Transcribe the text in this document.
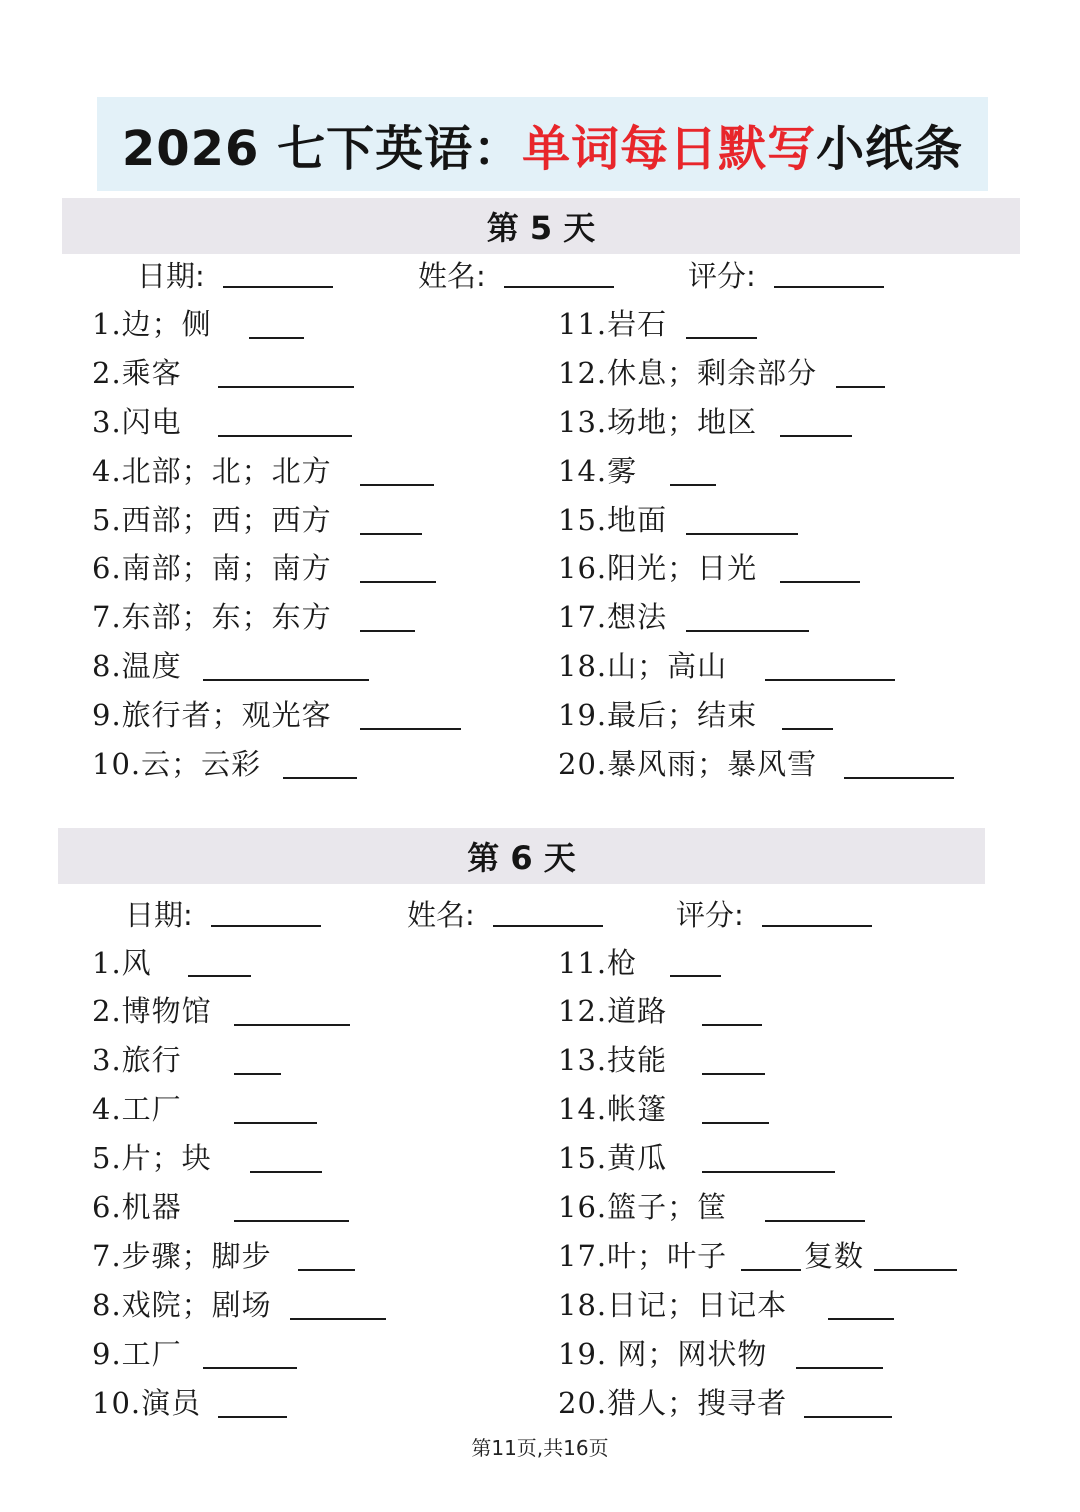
2026 七下英语： 单词每日默写 小纸条
第 5 天
日期:	姓名:	评分:
1.边；侧
2.乘客
3.闪电
4.北部；北；北方
5.西部；西；西方
6.南部；南；南方
7.东部；东；东方
8.温度
9.旅行者；观光客
10.云；云彩
11.岩石
12.休息；剩余部分
13.场地；地区
14.雾
15.地面
16.阳光；日光
17.想法
18.山；高山
19.最后；结束
20.暴风雨；暴风雪
第 6 天
日期:	姓名:	评分:
1.风
2.博物馆
3.旅行
4.工厂
5.片；块
6.机器
7.步骤；脚步
8.戏院；剧场
9.工厂
10.演员
11.枪
12.道路
13.技能
14.帐篷
15.黄瓜
16.篮子；筐
17.叶；叶子	复数
18.日记；日记本
19. 网；网状物
20.猎人；搜寻者
第11页,共16页
